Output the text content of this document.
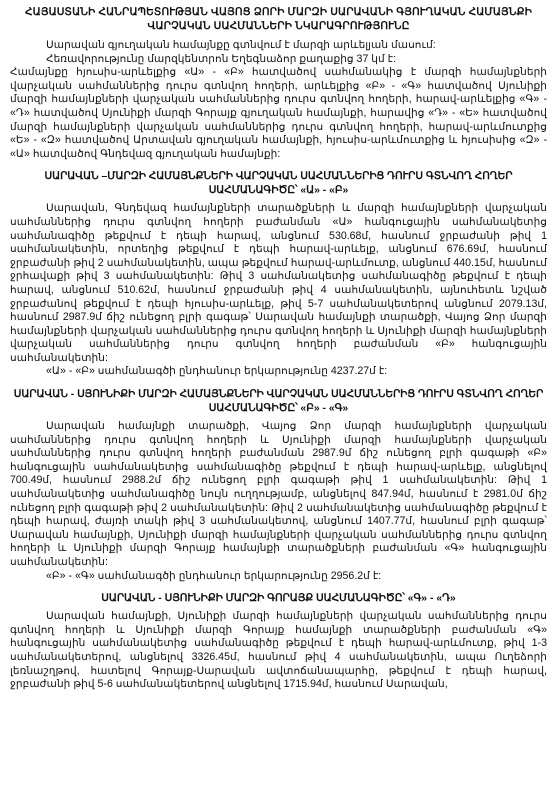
ՀԱՅԱՍՏԱՆԻ ՀԱՆՐԱՊԵՏՈՒԹՅԱՆ ՎԱՅՈՑ ՁՈՐԻ ՄԱՐԶԻ ՍԱՐԱՎԱՆԻ ԳՅՈՒՂԱԿԱՆ ՀԱՄԱՅՆՔԻ ՎԱՐՉԱԿԱՆ ՍԱՀՄԱՆՆԵՐԻ ՆԿԱՐԱԳՐՈՒԹՅՈՒՆԸ

Սարավան գյուղական համայնքը գտնվում է մարզի արևելյան մասում:

Հեռավորությունը մարզկենտրոն Եղեգնաձոր քաղաքից 37 կմ է:

Համայնքը հյուսիս-արևելքից «Ա» - «Բ» հատվածով սահմանակից է մարզի համայնքների վարչական սահմաններից դուրս գտնվող հողերի, արևելքից «Բ» - «Գ» հատվածով Սյունիքի մարզի համայնքների վարչական սահմաններից դուրս գտնվող հողերի, հարավ-արևելքից «Գ» - «Դ» հատվածով Սյունիքի մարզի Գորայք գյուղական համայնքի, հարավից «Դ» - «Ե» հատվածով մարզի համայնքների վարչական սահմաններից դուրս գտնվող հողերի, հարավ-արևմուտքից «Ե» - «Զ» հատվածով Արտավան գյուղական համայնքի, հյուսիս-արևմուտքից և հյուսիսից «Զ» - «Ա» հատվածով Գնդեվազ գյուղական համայնքի:

ՍԱՐԱՎԱՆ –ՄԱՐԶԻ ՀԱՄԱՅՆՔՆԵՐԻ ՎԱՐՉԱԿԱՆ ՍԱՀՄԱՆՆԵՐԻՑ ԴՈՒՐՍ ԳՏՆՎՈՂ ՀՈՂԵՐ ՍԱՀՄԱՆԱԳԻԾԸ՝ «Ա» - «Բ»

Սարավան, Գնդեվազ համայնքների տարածքների և մարզի համայնքների վարչական սահմաններից դուրս գտնվող հողերի բաժանման «Ա» հանգուցային սահմանակետից սահմանագիծը թեքվում է դեպի հարավ, անցնում 530.68մ, հասնում ջրբաժանի թիվ 1 սահմանակետին, որտեղից թեքվում է դեպի հարավ-արևելք, անցնում 676.69մ, հասնում ջրբաժանի թիվ 2 սահմանակետին, ապա թեքվում հարավ-արևմուտք, անցնում 440.15մ, հասնում ջրհավաքի թիվ 3 սահմանակետին: Թիվ 3 սահմանակետից սահմանագիծը թեքվում է դեպի հարավ, անցնում 510.62մ, հասնում ջրբաժանի թիվ 4 սահմանակետին, այնուհետև նշված ջրբաժանով թեքվում է դեպի հյուսիս-արևելք, թիվ 5-7 սահմանակետերով անցնում 2079.13մ, հասնում 2987.9մ ճիշ ունեցող բլրի գագաթ՝ Սարավան համայնքի տարածքի, Վայոց Ձոր մարզի համայնքների վարչական սահմաններից դուրս գտնվող հողերի և Սյունիքի մարզի համայնքների վարչական սահմաններից դուրս գտնվող հողերի բաժանման «Բ» հանգուցային սահմանակետին:

«Ա» - «Բ» սահմանագծի ընդհանուր երկարությունը 4237.27մ է:

ՍԱՐԱՎԱՆ - ՍՅՈՒՆԻՔԻ ՄԱՐԶԻ ՀԱՄԱՅՆՔՆԵՐԻ ՎԱՐՉԱԿԱՆ ՍԱՀՄԱՆՆԵՐԻՑ ԴՈՒՐՍ ԳՏՆՎՈՂ ՀՈՂԵՐ ՍԱՀՄԱՆԱԳԻԾԸ՝ «Բ» - «Գ»

Սարավան համայնքի տարածքի, Վայոց Ձոր մարզի համայնքների վարչական սահմաններից դուրս գտնվող հողերի և Սյունիքի մարզի համայնքների վարչական սահմաններից դուրս գտնվող հողերի բաժանման 2987.9մ ճիշ ունեցող բլրի գագաթի «Բ» հանգուցային սահմանակետից սահմանագիծը թեքվում է դեպի հարավ-արևելք, անցնելով 700.49մ, հասնում 2988.2մ ճիշ ունեցող բլրի գագաթի թիվ 1 սահմանակետին: Թիվ 1 սահմանակետից սահմանագիծը նույն ուղղությամբ, անցնելով 847.94մ, հասնում է 2981.0մ ճիշ ունեցող բլրի գագաթի թիվ 2 սահմանակետին: Թիվ 2 սահմանակետից սահմանագիծը թեքվում է դեպի հարավ, ժայռի տակի թիվ 3 սահմանակետով, անցնում 1407.77մ, հասնում բլրի գագաթ՝ Սարավան համայնքի, Սյունիքի մարզի համայնքների վարչական սահմաններից դուրս գտնվող հողերի և Սյունիքի մարզի Գորայք համայնքի տարածքների բաժանման «Գ» հանգուցային սահմանակետին:

«Բ» - «Գ» սահմանագծի ընդհանուր երկարությունը 2956.2մ է:

ՍԱՐԱՎԱՆ - ՍՅՈՒՆԻՔԻ ՄԱՐԶԻ ԳՈՐԱՅՔ ՍԱՀՄԱՆԱԳԻԾԸ՝ «Գ» - «Դ»

Սարավան համայնքի, Սյունիքի մարզի համայնքների վարչական սահմաններից դուրս գտնվող հողերի և Սյունիքի մարզի Գորայք համայնքի տարածքների բաժանման «Գ» հանգուցային սահմանակետից սահմանագիծը թեքվում է դեպի հարավ-արևմուտք, թիվ 1-3 սահմանակետերով, անցնելով 3326.45մ, հասնում թիվ 4 սահմանակետին, ապա Ուղեձորի լեռնաշղթով, հատելով Գորայք-Սարավան ավտոճանապարհը, թեքվում է դեպի հարավ, ջրբաժանի թիվ 5-6 սահմանակետերով անցնելով 1715.94մ, հասնում Սարավան,
